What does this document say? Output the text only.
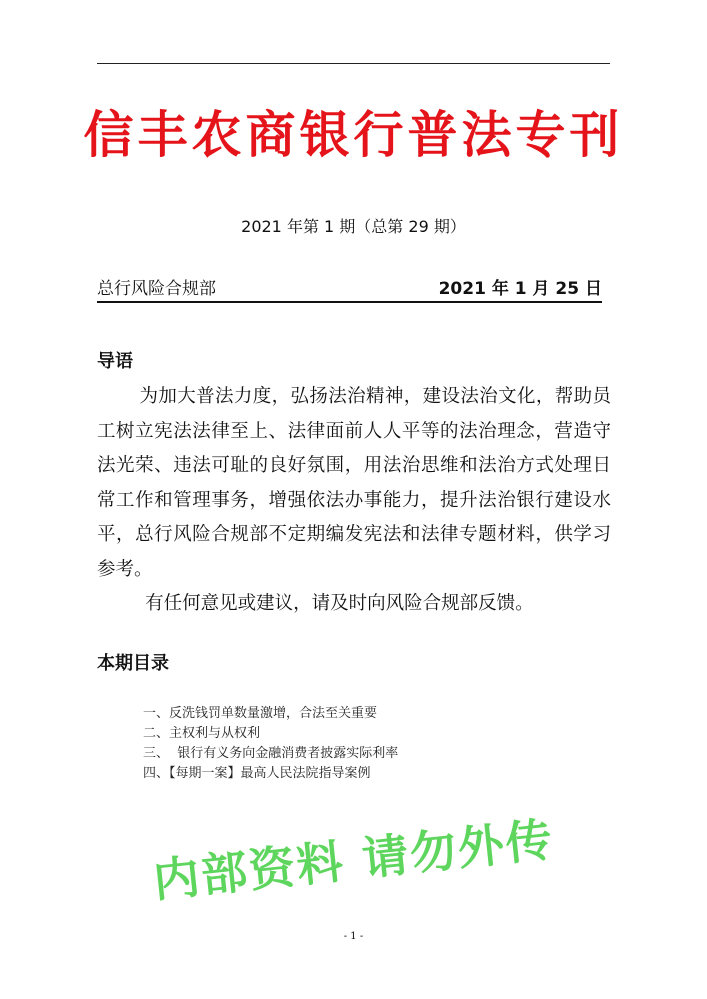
信丰农商银行普法专刊
2021 年第 1 期（总第 29 期）
总行风险合规部	2021 年 1 月 25 日
导语
为加大普法力度，弘扬法治精神，建设法治文化，帮助员工树立宪法法律至上、法律面前人人平等的法治理念，营造守法光荣、违法可耻的良好氛围，用法治思维和法治方式处理日常工作和管理事务，增强依法办事能力，提升法治银行建设水平，总行风险合规部不定期编发宪法和法律专题材料，供学习参考。
有任何意见或建议，请及时向风险合规部反馈。
本期目录
一、反洗钱罚单数量激增，合法至关重要
二、主权利与从权利
三、  银行有义务向金融消费者披露实际利率
四、【每期一案】最高人民法院指导案例
内部资料 请勿外传
- 1 -
